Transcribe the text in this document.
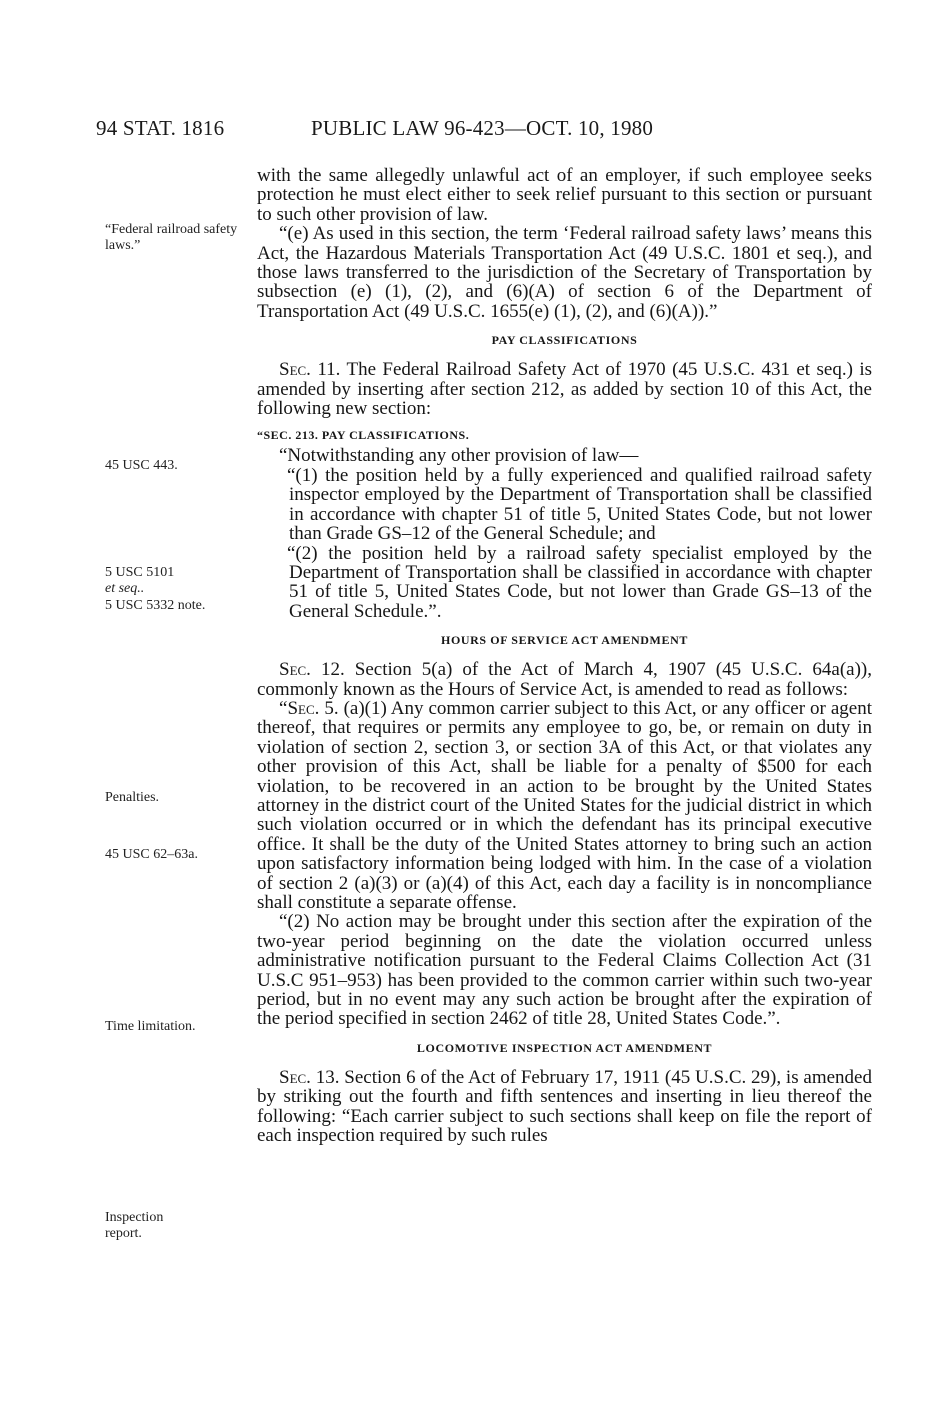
94 STAT. 1816	PUBLIC LAW 96-423—OCT. 10, 1980
“Federal railroad safety laws.”
45 USC 443.
5 USC 5101
et seq..
5 USC 5332 note.
Penalties.
45 USC 62–63a.
Time limitation.
Inspection report.

with the same allegedly unlawful act of an employer, if such employee seeks protection he must elect either to seek relief pursuant to this section or pursuant to such other provision of law.

“(e) As used in this section, the term ‘Federal railroad safety laws’ means this Act, the Hazardous Materials Transportation Act (49 U.S.C. 1801 et seq.), and those laws transferred to the jurisdiction of the Secretary of Transportation by subsection (e) (1), (2), and (6)(A) of section 6 of the Department of Transportation Act (49 U.S.C. 1655(e) (1), (2), and (6)(A)).”

PAY CLASSIFICATIONS

Sec. 11. The Federal Railroad Safety Act of 1970 (45 U.S.C. 431 et seq.) is amended by inserting after section 212, as added by section 10 of this Act, the following new section:

“SEC. 213. PAY CLASSIFICATIONS.

“Notwithstanding any other provision of law—

“(1) the position held by a fully experienced and qualified railroad safety inspector employed by the Department of Transportation shall be classified in accordance with chapter 51 of title 5, United States Code, but not lower than Grade GS–12 of the General Schedule; and

“(2) the position held by a railroad safety specialist employed by the Department of Transportation shall be classified in accordance with chapter 51 of title 5, United States Code, but not lower than Grade GS–13 of the General Schedule.”.

HOURS OF SERVICE ACT AMENDMENT

Sec. 12. Section 5(a) of the Act of March 4, 1907 (45 U.S.C. 64a(a)), commonly known as the Hours of Service Act, is amended to read as follows:

“Sec. 5. (a)(1) Any common carrier subject to this Act, or any officer or agent thereof, that requires or permits any employee to go, be, or remain on duty in violation of section 2, section 3, or section 3A of this Act, or that violates any other provision of this Act, shall be liable for a penalty of $500 for each violation, to be recovered in an action to be brought by the United States attorney in the district court of the United States for the judicial district in which such violation occurred or in which the defendant has its principal executive office. It shall be the duty of the United States attorney to bring such an action upon satisfactory information being lodged with him. In the case of a violation of section 2 (a)(3) or (a)(4) of this Act, each day a facility is in noncompliance shall constitute a separate offense.

“(2) No action may be brought under this section after the expiration of the two-year period beginning on the date the violation occurred unless administrative notification pursuant to the Federal Claims Collection Act (31 U.S.C 951–953) has been provided to the common carrier within such two-year period, but in no event may any such action be brought after the expiration of the period specified in section 2462 of title 28, United States Code.”.

LOCOMOTIVE INSPECTION ACT AMENDMENT

Sec. 13. Section 6 of the Act of February 17, 1911 (45 U.S.C. 29), is amended by striking out the fourth and fifth sentences and inserting in lieu thereof the following: “Each carrier subject to such sections shall keep on file the report of each inspection required by such rules
